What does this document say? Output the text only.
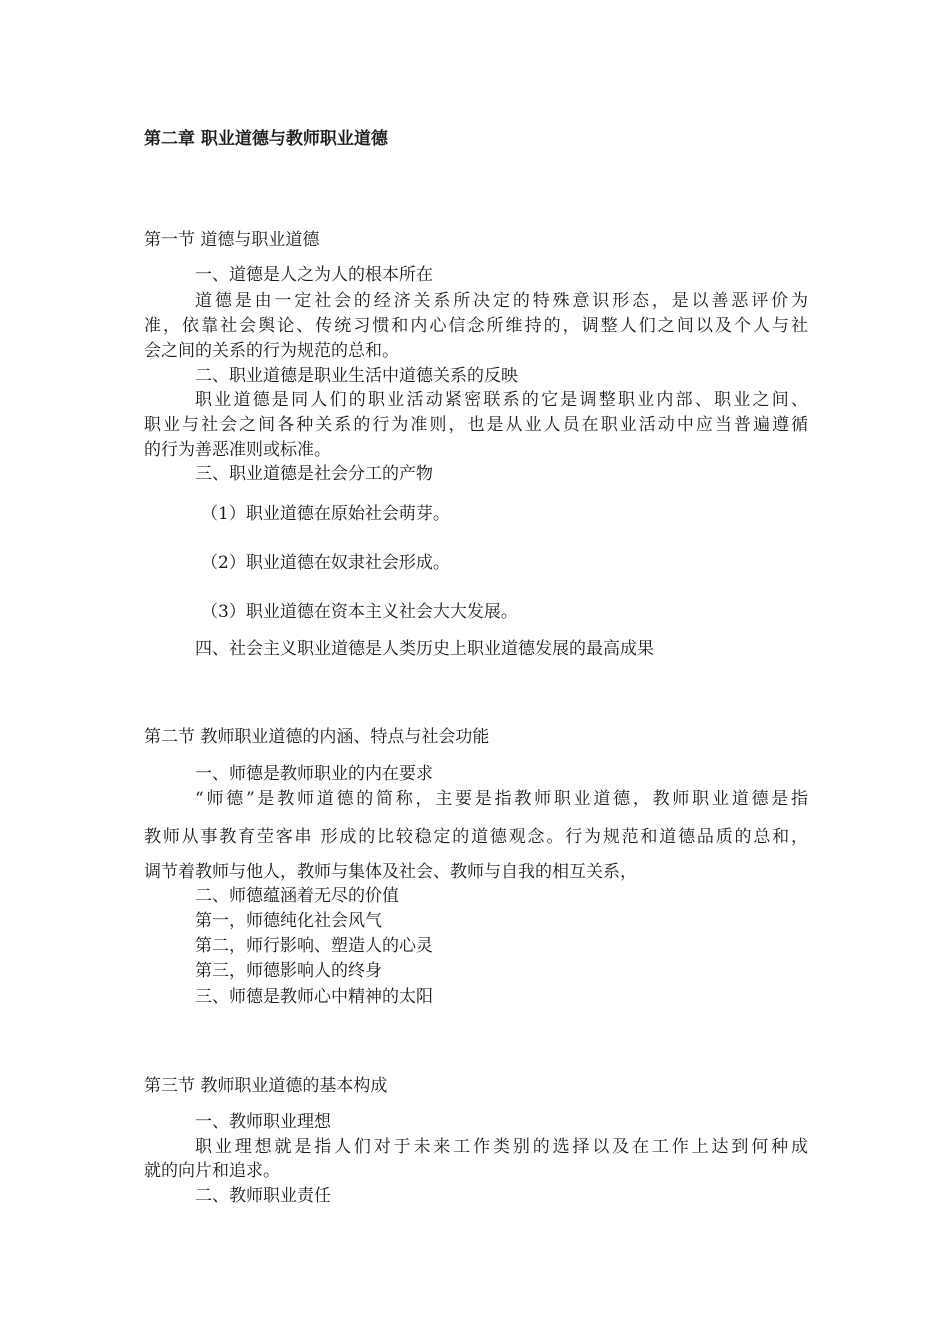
第二章 职业道德与教师职业道德

第一节 道德与职业道德

一、道德是人之为人的根本所在

道德是由一定社会的经济关系所决定的特殊意识形态，是以善恶评价为

准，依靠社会舆论、传统习惯和内心信念所维持的，调整人们之间以及个人与社

会之间的关系的行为规范的总和。

二、职业道德是职业生活中道德关系的反映

职业道德是同人们的职业活动紧密联系的它是调整职业内部、职业之间、

职业与社会之间各种关系的行为准则，也是从业人员在职业活动中应当普遍遵循

的行为善恶准则或标准。

三、职业道德是社会分工的产物

（1）职业道德在原始社会萌芽。

（2）职业道德在奴隶社会形成。

（3）职业道德在资本主义社会大大发展。

四、社会主义职业道德是人类历史上职业道德发展的最高成果

第二节 教师职业道德的内涵、特点与社会功能

一、师德是教师职业的内在要求

“师德”是教师道德的简称，主要是指教师职业道德，教师职业道德是指

教师从事教育茔客串 形成的比较稳定的道德观念。行为规范和道德品质的总和，

调节着教师与他人，教师与集体及社会、教师与自我的相互关系，

二、师德蕴涵着无尽的价值

第一，师德纯化社会风气

第二，师行影响、塑造人的心灵

第三，师德影响人的终身

三、师德是教师心中精神的太阳

第三节 教师职业道德的基本构成

一、教师职业理想

职业理想就是指人们对于未来工作类别的选择以及在工作上达到何种成

就的向片和追求。

二、教师职业责任
